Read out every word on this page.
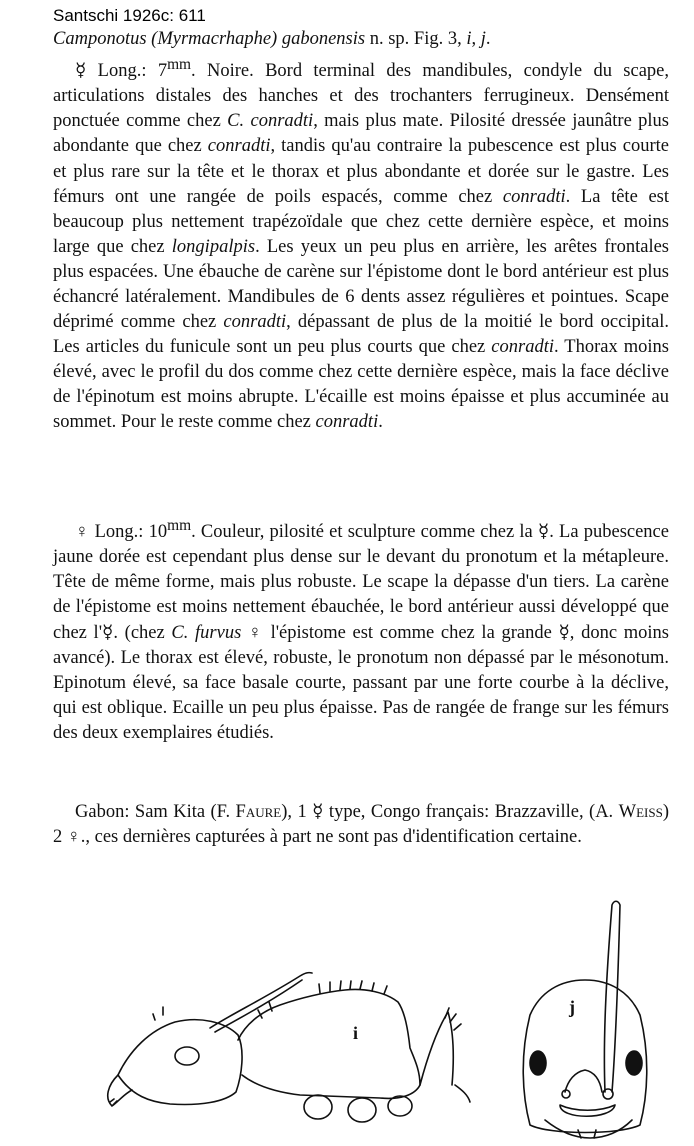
Santschi 1926c: 611
Camponotus (Myrmacrhaphe) gabonensis n. sp. Fig. 3, i, j.

☿ Long.: $7^{mm}$. Noire. Bord terminal des mandibules, condyle du scape, articulations distales des hanches et des trochanters ferrugineux. Densément ponctuée comme chez C. conradti, mais plus mate. Pilosité dressée jaunâtre plus abondante que chez conradti, tandis qu'au contraire la pubescence est plus courte et plus rare sur la tête et le thorax et plus abondante et dorée sur le gastre. Les fémurs ont une rangée de poils espacés, comme chez conradti. La tête est beaucoup plus nettement trapézoïdale que chez cette dernière espèce, et moins large que chez longipalpis. Les yeux un peu plus en arrière, les arêtes frontales plus espacées. Une ébauche de carène sur l'épistome dont le bord antérieur est plus échancré latéralement. Mandibules de 6 dents assez régulières et pointues. Scape déprimé comme chez conradti, dépassant de plus de la moitié le bord occipital. Les articles du funicule sont un peu plus courts que chez conradti. Thorax moins élevé, avec le profil du dos comme chez cette dernière espèce, mais la face déclive de l'épinotum est moins abrupte. L'écaille est moins épaisse et plus accuminée au sommet. Pour le reste comme chez conradti.

♀ Long.: $10^{mm}$. Couleur, pilosité et sculpture comme chez la ☿. La pubescence jaune dorée est cependant plus dense sur le devant du pronotum et la métapleure. Tête de même forme, mais plus robuste. Le scape la dépasse d'un tiers. La carène de l'épistome est moins nettement ébauchée, le bord antérieur aussi développé que chez l'☿. (chez C. furvus ♀ l'épistome est comme chez la grande ☿, donc moins avancé). Le thorax est élevé, robuste, le pronotum non dépassé par le mésonotum. Epinotum élevé, sa face basale courte, passant par une forte courbe à la déclive, qui est oblique. Ecaille un peu plus épaisse. Pas de rangée de frange sur les fémurs des deux exemplaires étudiés.

Gabon: Sam Kita (F. Faure), 1 ☿ type, Congo français: Brazzaville, (A. Weiss) 2 ♀., ces dernières capturées à part ne sont pas d'identification certaine.

i
j
